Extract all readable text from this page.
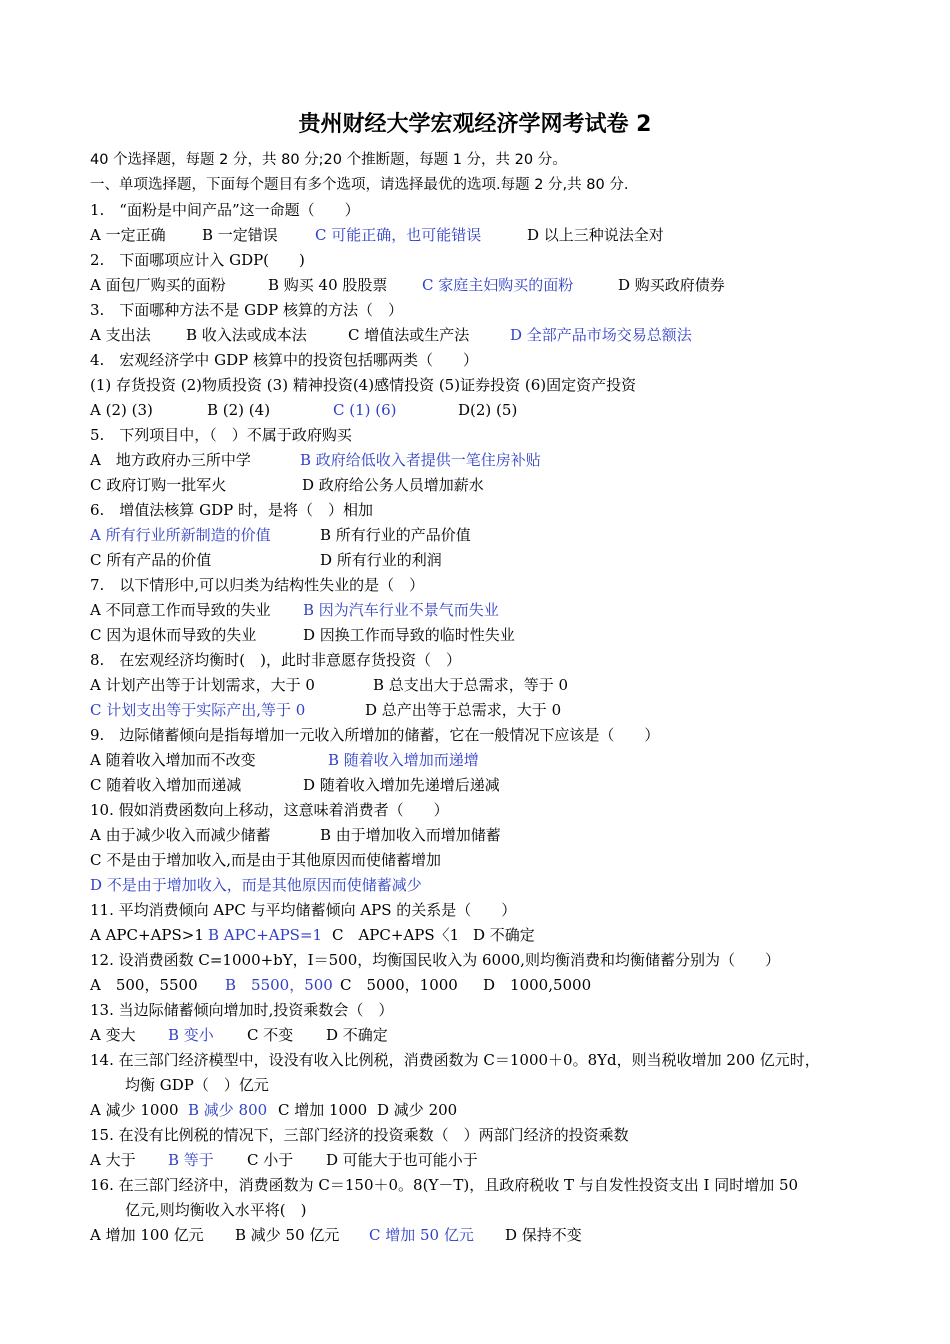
贵州财经大学宏观经济学网考试卷 2
40 个选择题，每题 2 分，共 80 分;20 个推断题，每题 1 分，共 20 分。
一、单项选择题，下面每个题目有多个选项，请选择最优的选项.每题 2 分,共 80 分.
1.　“面粉是中间产品”这一命题（　　）
A 一定正确 B 一定错误 C 可能正确，也可能错误	D 以上三种说法全对
2.　下面哪项应计入 GDP(　　)
A 面包厂购买的面粉	B 购买 40 股股票 C 家庭主妇购买的面粉	D 购买政府债券
3.　下面哪种方法不是 GDP 核算的方法（　）
A 支出法 B 收入法或成本法	C 增值法或生产法	D 全部产品市场交易总额法
4.　宏观经济学中 GDP 核算中的投资包括哪两类（　　）
(1) 存货投资 (2)物质投资 (3) 精神投资(4)感情投资 (5)证券投资 (6)固定资产投资
A (2) (3)	B (2) (4)	C (1) (6)	D(2) (5)
5.　下列项目中，（　）不属于政府购买
A　地方政府办三所中学	B 政府给低收入者提供一笔住房补贴
C 政府订购一批军火	D 政府给公务人员增加薪水
6.　增值法核算 GDP 时，是将（　）相加
A 所有行业所新制造的价值	B 所有行业的产品价值
C 所有产品的价值	D 所有行业的利润
7.　以下情形中,可以归类为结构性失业的是（　）
A 不同意工作而导致的失业 B 因为汽车行业不景气而失业
C 因为退休而导致的失业	D 因换工作而导致的临时性失业
8.　在宏观经济均衡时(　)，此时非意愿存货投资（　）
A 计划产出等于计划需求，大于 0	B 总支出大于总需求，等于 0
C 计划支出等于实际产出,等于 0	D 总产出等于总需求，大于 0
9.　边际储蓄倾向是指每增加一元收入所增加的储蓄，它在一般情况下应该是（　　）
A 随着收入增加而不改变	B 随着收入增加而递增
C 随着收入增加而递减	D 随着收入增加先递增后递减
10. 假如消费函数向上移动，这意味着消费者（　　）
A 由于减少收入而减少储蓄	B 由于增加收入而增加储蓄
C 不是由于增加收入,而是由于其他原因而使储蓄增加
D 不是由于增加收入，而是其他原因而使储蓄减少
11. 平均消费倾向 APC 与平均储蓄倾向 APS 的关系是（　　）
A APC+APS>1 B APC+APS=1 C　APC+APS〈1 D 不确定
12. 设消费函数 C=1000+bY，I＝500，均衡国民收入为 6000,则均衡消费和均衡储蓄分别为（　　）
A　500，5500 B　5500，500 C　5000，1000 D　1000,5000
13. 当边际储蓄倾向增加时,投资乘数会（　）
A 变大 B 变小 C 不变 D 不确定
14. 在三部门经济模型中，设没有收入比例税，消费函数为 C＝1000＋0。8Yd，则当税收增加 200 亿元时，
均衡 GDP（　）亿元
A 减少 1000 B 减少 800 C 增加 1000 D 减少 200
15. 在没有比例税的情况下，三部门经济的投资乘数（　）两部门经济的投资乘数
A 大于 B 等于 C 小于 D 可能大于也可能小于
16. 在三部门经济中，消费函数为 C＝150＋0。8(Y－T)，且政府税收 T 与自发性投资支出 I 同时增加 50
亿元,则均衡收入水平将(　)
A 增加 100 亿元 B 减少 50 亿元 C 增加 50 亿元 D 保持不变
